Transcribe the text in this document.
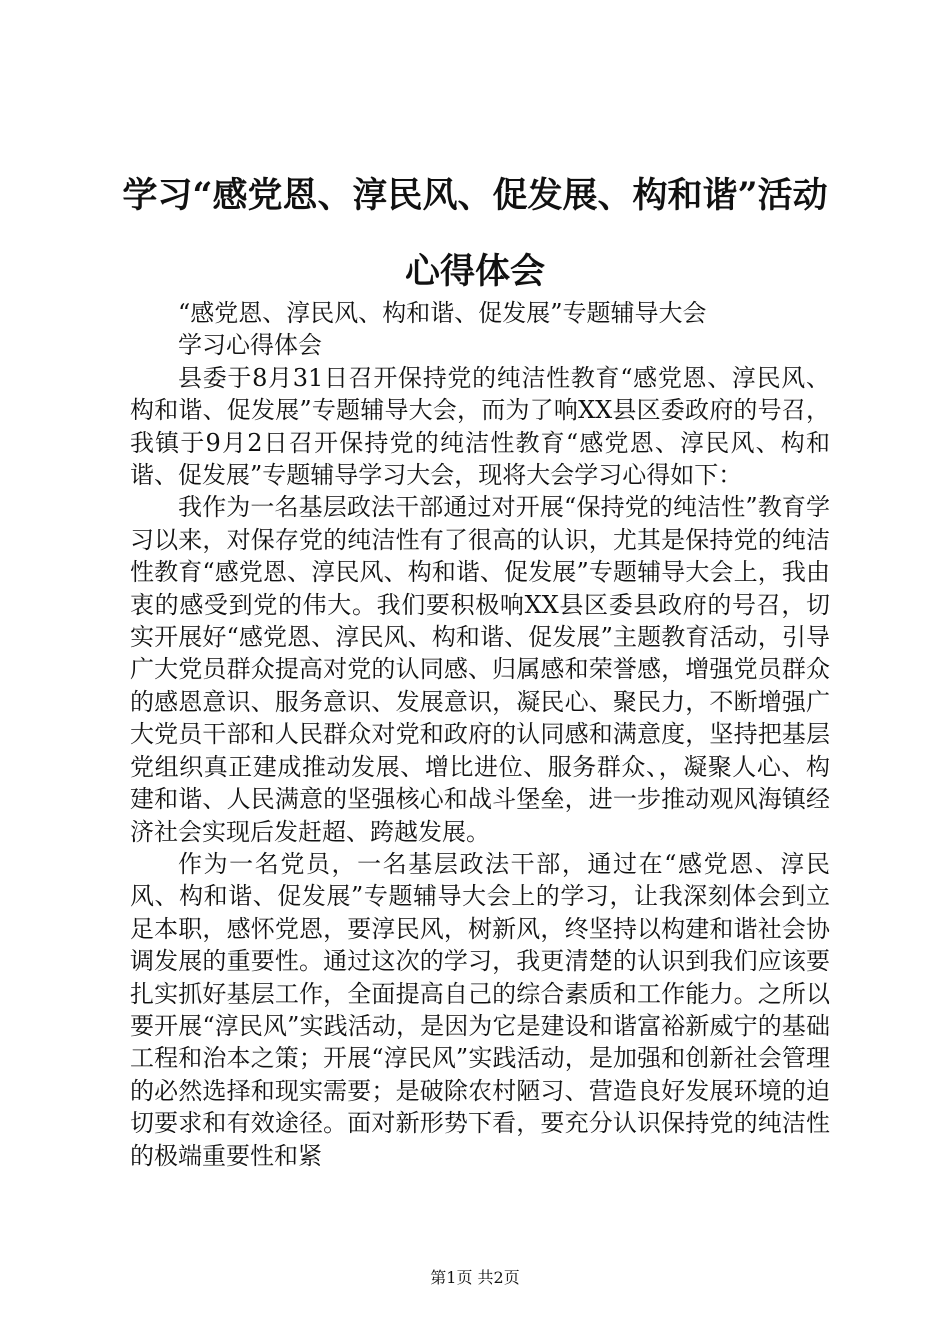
学习“感党恩、淳民风、促发展、构和谐”活动心得体会

“感党恩、淳民风、构和谐、促发展”专题辅导大会

学习心得体会

县委于8月31日召开保持党的纯洁性教育“感党恩、淳民风、构和谐、促发展”专题辅导大会，而为了响XX县区委政府的号召，我镇于9月2日召开保持党的纯洁性教育“感党恩、淳民风、构和谐、促发展”专题辅导学习大会，现将大会学习心得如下：

我作为一名基层政法干部通过对开展“保持党的纯洁性”教育学习以来，对保存党的纯洁性有了很高的认识，尤其是保持党的纯洁性教育“感党恩、淳民风、构和谐、促发展”专题辅导大会上，我由衷的感受到党的伟大。我们要积极响XX县区委县政府的号召，切实开展好“感党恩、淳民风、构和谐、促发展”主题教育活动，引导广大党员群众提高对党的认同感、归属感和荣誉感，增强党员群众的感恩意识、服务意识、发展意识，凝民心、聚民力，不断增强广大党员干部和人民群众对党和政府的认同感和满意度，坚持把基层党组织真正建成推动发展、增比进位、服务群众、，凝聚人心、构建和谐、人民满意的坚强核心和战斗堡垒，进一步推动观风海镇经济社会实现后发赶超、跨越发展。

作为一名党员，一名基层政法干部，通过在“感党恩、淳民风、构和谐、促发展”专题辅导大会上的学习，让我深刻体会到立足本职，感怀党恩，要淳民风，树新风，终坚持以构建和谐社会协调发展的重要性。通过这次的学习，我更清楚的认识到我们应该要扎实抓好基层工作，全面提高自己的综合素质和工作能力。之所以要开展“淳民风”实践活动，是因为它是建设和谐富裕新威宁的基础工程和治本之策；开展“淳民风”实践活动，是加强和创新社会管理的必然选择和现实需要；是破除农村陋习、营造良好发展环境的迫切要求和有效途径。面对新形势下看，要充分认识保持党的纯洁性的极端重要性和紧

第1页 共2页
